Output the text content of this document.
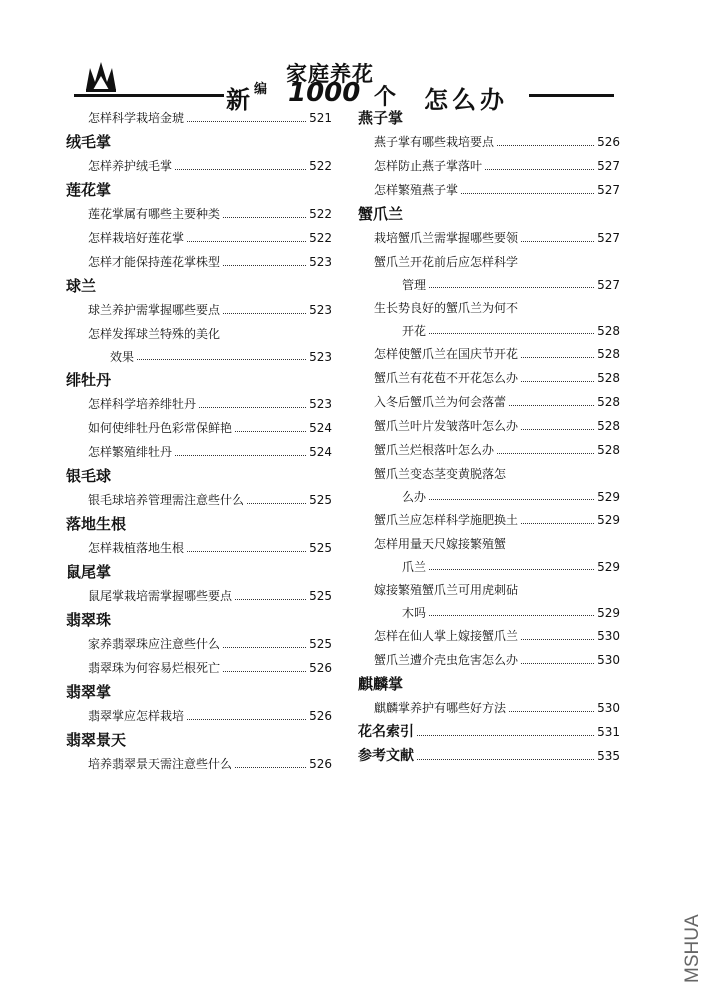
家庭养花
新 编 1000 个 怎么办
怎样科学栽培金琥	521
绒毛掌
怎样养护绒毛掌	522
莲花掌
莲花掌属有哪些主要种类	522
怎样栽培好莲花掌	522
怎样才能保持莲花掌株型	523
球兰
球兰养护需掌握哪些要点	523
怎样发挥球兰特殊的美化
效果	523
绯牡丹
怎样科学培养绯牡丹	523
如何使绯牡丹色彩常保鲜艳	524
怎样繁殖绯牡丹	524
银毛球
银毛球培养管理需注意些什么	525
落地生根
怎样栽植落地生根	525
鼠尾掌
鼠尾掌栽培需掌握哪些要点	525
翡翠珠
家养翡翠珠应注意些什么	525
翡翠珠为何容易烂根死亡	526
翡翠掌
翡翠掌应怎样栽培	526
翡翠景天
培养翡翠景天需注意些什么	526
燕子掌
燕子掌有哪些栽培要点	526
怎样防止燕子掌落叶	527
怎样繁殖燕子掌	527
蟹爪兰
栽培蟹爪兰需掌握哪些要领	527
蟹爪兰开花前后应怎样科学
管理	527
生长势良好的蟹爪兰为何不
开花	528
怎样使蟹爪兰在国庆节开花	528
蟹爪兰有花苞不开花怎么办	528
入冬后蟹爪兰为何会落蕾	528
蟹爪兰叶片发皱落叶怎么办	528
蟹爪兰烂根落叶怎么办	528
蟹爪兰变态茎变黄脱落怎
么办	529
蟹爪兰应怎样科学施肥换土	529
怎样用量天尺嫁接繁殖蟹
爪兰	529
嫁接繁殖蟹爪兰可用虎刺砧
木吗	529
怎样在仙人掌上嫁接蟹爪兰	530
蟹爪兰遭介壳虫危害怎么办	530
麒麟掌
麒麟掌养护有哪些好方法	530
花名索引	531
参考文献	535
MSHUA
